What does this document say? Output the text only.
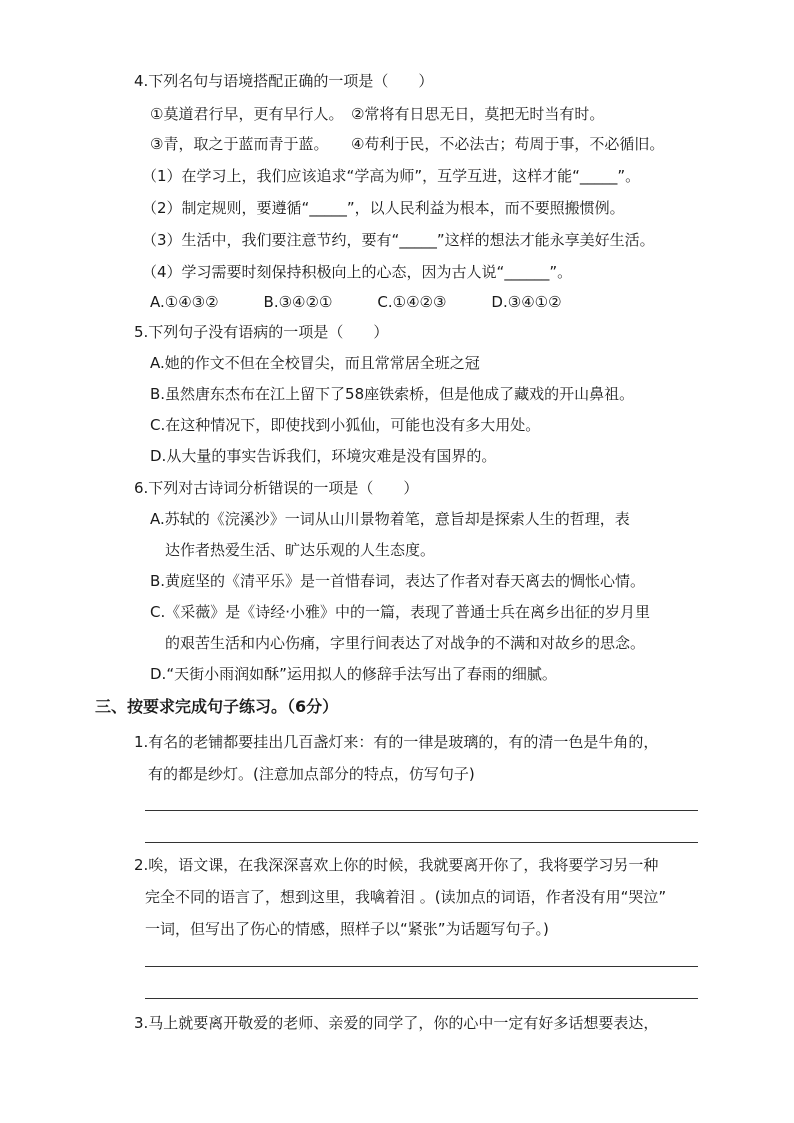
4.下列名句与语境搭配正确的一项是（　　）
①莫道君行早，更有早行人。　②常将有日思无日，莫把无时当有时。
③青，取之于蓝而青于蓝。　　④苟利于民，不必法古；苟周于事，不必循旧。
（1）在学习上，我们应该追求“学高为师”，互学互进，这样才能“_____”。
（2）制定规则，要遵循“_____”，以人民利益为根本，而不要照搬惯例。
（3）生活中，我们要注意节约，要有“_____”这样的想法才能永享美好生活。
（4）学习需要时刻保持积极向上的心态，因为古人说“______”。
A.①④③②　　　B.③④②①　　　C.①④②③　　　D.③④①②
5.下列句子没有语病的一项是（　　）
A.她的作文不但在全校冒尖，而且常常居全班之冠
B.虽然唐东杰布在江上留下了58座铁索桥，但是他成了藏戏的开山鼻祖。
C.在这种情况下，即使找到小狐仙，可能也没有多大用处。
D.从大量的事实告诉我们，环境灾难是没有国界的。
6.下列对古诗词分析错误的一项是（　　）
A.苏轼的《浣溪沙》一词从山川景物着笔，意旨却是探索人生的哲理，表
达作者热爱生活、旷达乐观的人生态度。
B.黄庭坚的《清平乐》是一首惜春词，表达了作者对春天离去的惆怅心情。
C.《采薇》是《诗经·小雅》中的一篇，表现了普通士兵在离乡出征的岁月里
的艰苦生活和内心伤痛，字里行间表达了对战争的不满和对故乡的思念。
D.“天街小雨润如酥”运用拟人的修辞手法写出了春雨的细腻。
三、按要求完成句子练习。（6分）
1.有名的老铺都要挂出几百盏灯来：有的一律是玻璃的，有的清一色是牛角的，
有的都是纱灯。(注意加点部分的特点，仿写句子)
2.唉，语文课，在我深深喜欢上你的时候，我就要离开你了，我将要学习另一种
完全不同的语言了，想到这里，我噙着泪 。(读加点的词语，作者没有用“哭泣”
一词，但写出了伤心的情感，照样子以“紧张”为话题写句子。)
3.马上就要离开敬爱的老师、亲爱的同学了，你的心中一定有好多话想要表达，
